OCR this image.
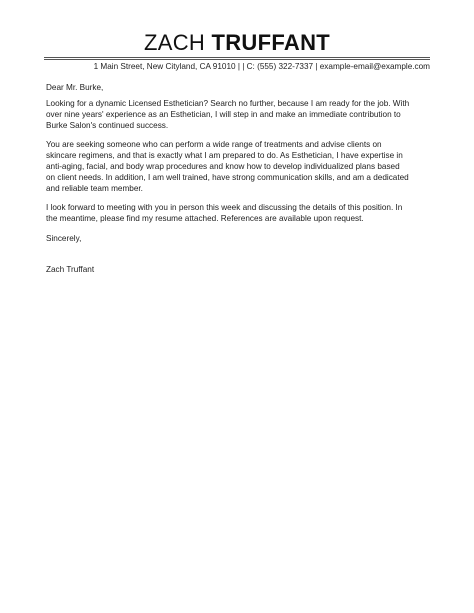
ZACH TRUFFANT
1 Main Street, New Cityland, CA 91010 | | C: (555) 322-7337 | example-email@example.com
Dear Mr. Burke,
Looking for a dynamic Licensed Esthetician? Search no further, because I am ready for the job. With
over nine years' experience as an Esthetician, I will step in and make an immediate contribution to
Burke Salon's continued success.
You are seeking someone who can perform a wide range of treatments and advise clients on
skincare regimens, and that is exactly what I am prepared to do. As Esthetician, I have expertise in
anti-aging, facial, and body wrap procedures and know how to develop individualized plans based
on client needs. In addition, I am well trained, have strong communication skills, and am a dedicated
and reliable team member.
I look forward to meeting with you in person this week and discussing the details of this position. In
the meantime, please find my resume attached. References are available upon request.
Sincerely,
Zach Truffant
